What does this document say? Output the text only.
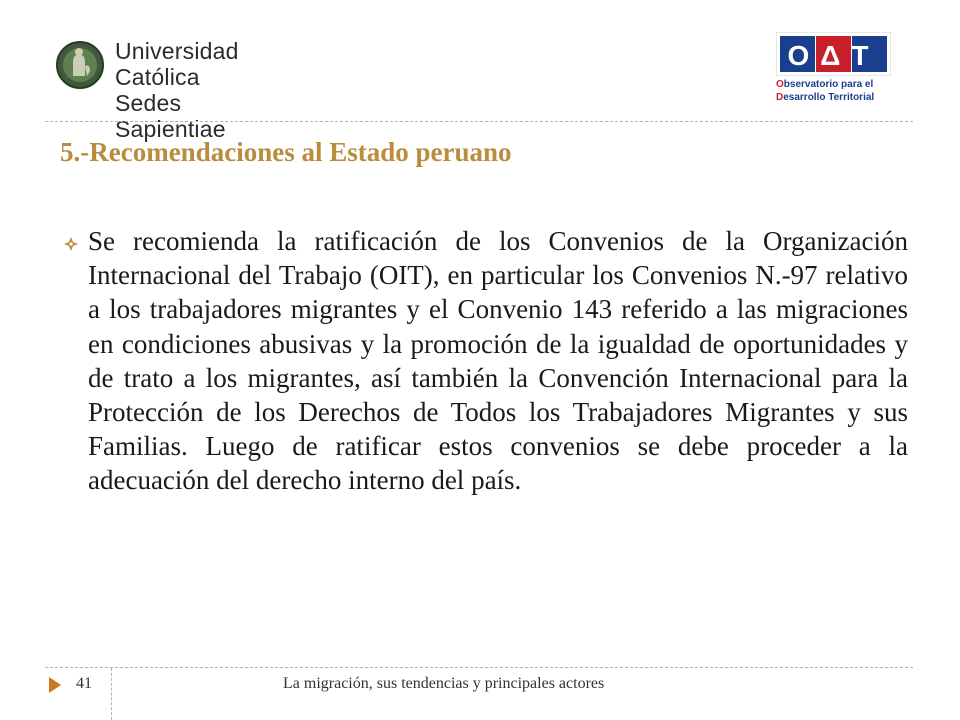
Universidad Católica
Sedes Sapientiae
OΔT
Observatorio para el
Desarrollo Territorial
5.-Recomendaciones al Estado peruano

Se recomienda la ratificación de los Convenios de la Organización Internacional del Trabajo (OIT), en particular los Convenios N.-97 relativo a los trabajadores migrantes y el Convenio 143 referido a las migraciones en condiciones abusivas y la promoción de la igualdad de oportunidades y de trato a los migrantes, así también la Convención Internacional para la Protección de los Derechos de Todos los Trabajadores Migrantes y sus Familias. Luego de ratificar estos convenios se debe proceder a la adecuación del derecho interno del país.

41	La migración, sus tendencias y principales actores
